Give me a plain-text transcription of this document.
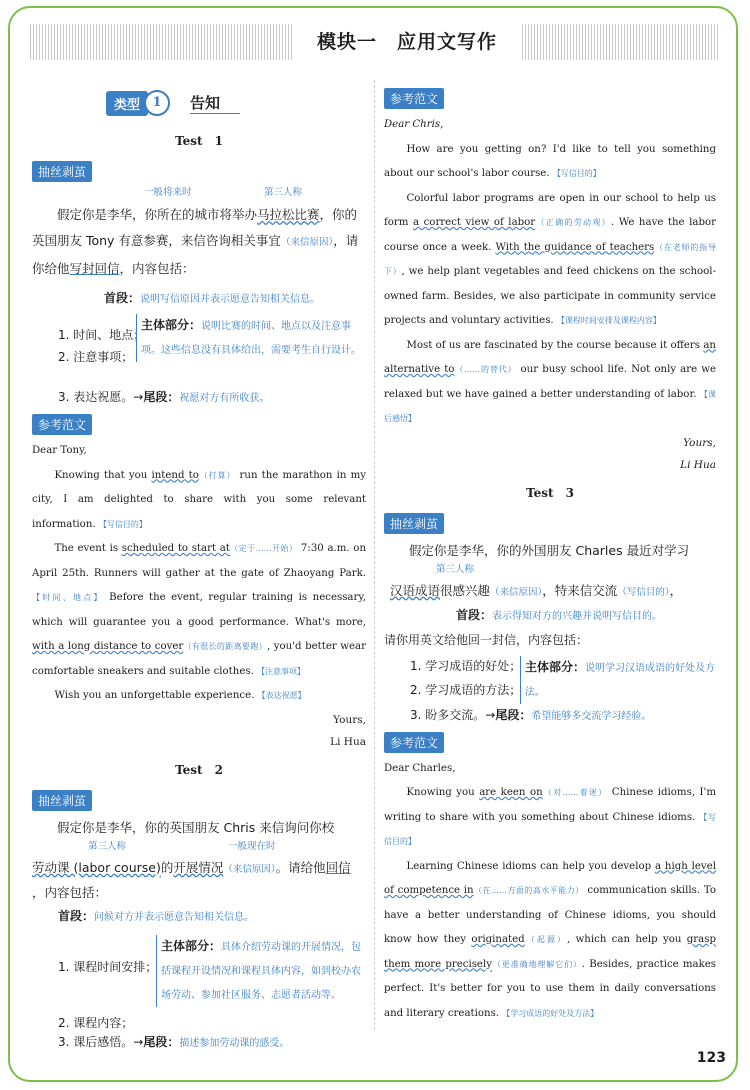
模块一　应用文写作
类型 1 告知
Test　1
抽丝剥茧
一般将来时	第三人称

假定你是李华，你所在的城市将举办马拉松比赛，你的英国朋友 Tony 有意参赛，来信咨询相关事宜（来信原因），请你给他写封回信，内容包括：

首段：说明写信原因并表示愿意告知相关信息。
1. 时间、地点；
2. 注意事项；
主体部分：说明比赛的时间、地点以及注意事项。这些信息没有具体给出，需要考生自行设计。
3. 表达祝愿。→尾段：祝愿对方有所收获。
参考范文

Dear Tony,

Knowing that you intend to（打算） run the marathon in my city, I am delighted to share with you some relevant information. 【写信目的】

The event is scheduled to start at（定于……开始） 7:30 a.m. on April 25th. Runners will gather at the gate of Zhaoyang Park. 【时间、地点】 Before the event, regular training is necessary, which will guarantee you a good performance. What's more, with a long distance to cover（有很长的距离要跑）, you'd better wear comfortable sneakers and suitable clothes. 【注意事项】

Wish you an unforgettable experience. 【表达祝愿】

Yours,

Li Hua

Test　2
抽丝剥茧

假定你是李华，你的英国朋友 Chris 来信询问你校

第三人称	一般现在时
劳动课 (labor course)的开展情况（来信原因）。请给他回信
，内容包括：
首段：问候对方并表示愿意告知相关信息。
1. 课程时间安排；
2. 课程内容；
主体部分：具体介绍劳动课的开展情况，包括课程开设情况和课程具体内容，如到校办农场劳动、参加社区服务、志愿者活动等。
3. 课后感悟。→尾段：描述参加劳动课的感受。
参考范文

Dear Chris,

How are you getting on? I'd like to tell you something about our school's labor course. 【写信目的】

Colorful labor programs are open in our school to help us form a correct view of labor（正确的劳动观）. We have the labor course once a week. With the guidance of teachers（在老师的指导下）, we help plant vegetables and feed chickens on the school-owned farm. Besides, we also participate in community service projects and voluntary activities. 【课程时间安排及课程内容】

Most of us are fascinated by the course because it offers an alternative to（……的替代） our busy school life. Not only are we relaxed but we have gained a better understanding of labor. 【课后感悟】

Yours,

Li Hua

Test　3
抽丝剥茧

假定你是李华，你的外国朋友 Charles 最近对学习

第三人称
汉语成语很感兴趣（来信原因），特来信交流（写信目的），
首段：表示得知对方的兴趣并说明写信目的。
请你用英文给他回一封信，内容包括：
1. 学习成语的好处；
2. 学习成语的方法；
主体部分：说明学习汉语成语的好处及方法。
3. 盼多交流。→尾段：希望能够多交流学习经验。
参考范文

Dear Charles,

Knowing you are keen on（对……着迷） Chinese idioms, I'm writing to share with you something about Chinese idioms. 【写信目的】

Learning Chinese idioms can help you develop a high level of competence in（在……方面的高水平能力） communication skills. To have a better understanding of Chinese idioms, you should know how they originated（起源）, which can help you grasp them more precisely（更准确地理解它们）. Besides, practice makes perfect. It's better for you to use them in daily conversations and literary creations. 【学习成语的好处及方法】

123
